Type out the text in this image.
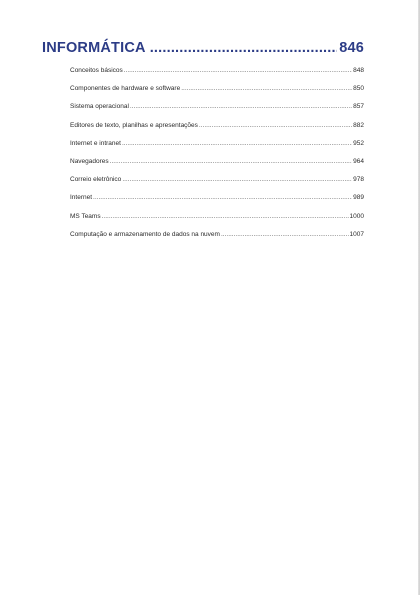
INFORMÁTICA .....	846
Conceitos básicos .....	848
Componentes de hardware e software .....	850
Sistema operacional .....	857
Editores de texto, planilhas e apresentações .....	882
Internet e intranet .....	952
Navegadores .....	964
Correio eletrônico .....	978
Internet .....	989
MS Teams .....	1000
Computação e armazenamento de dados na nuvem .....	1007
